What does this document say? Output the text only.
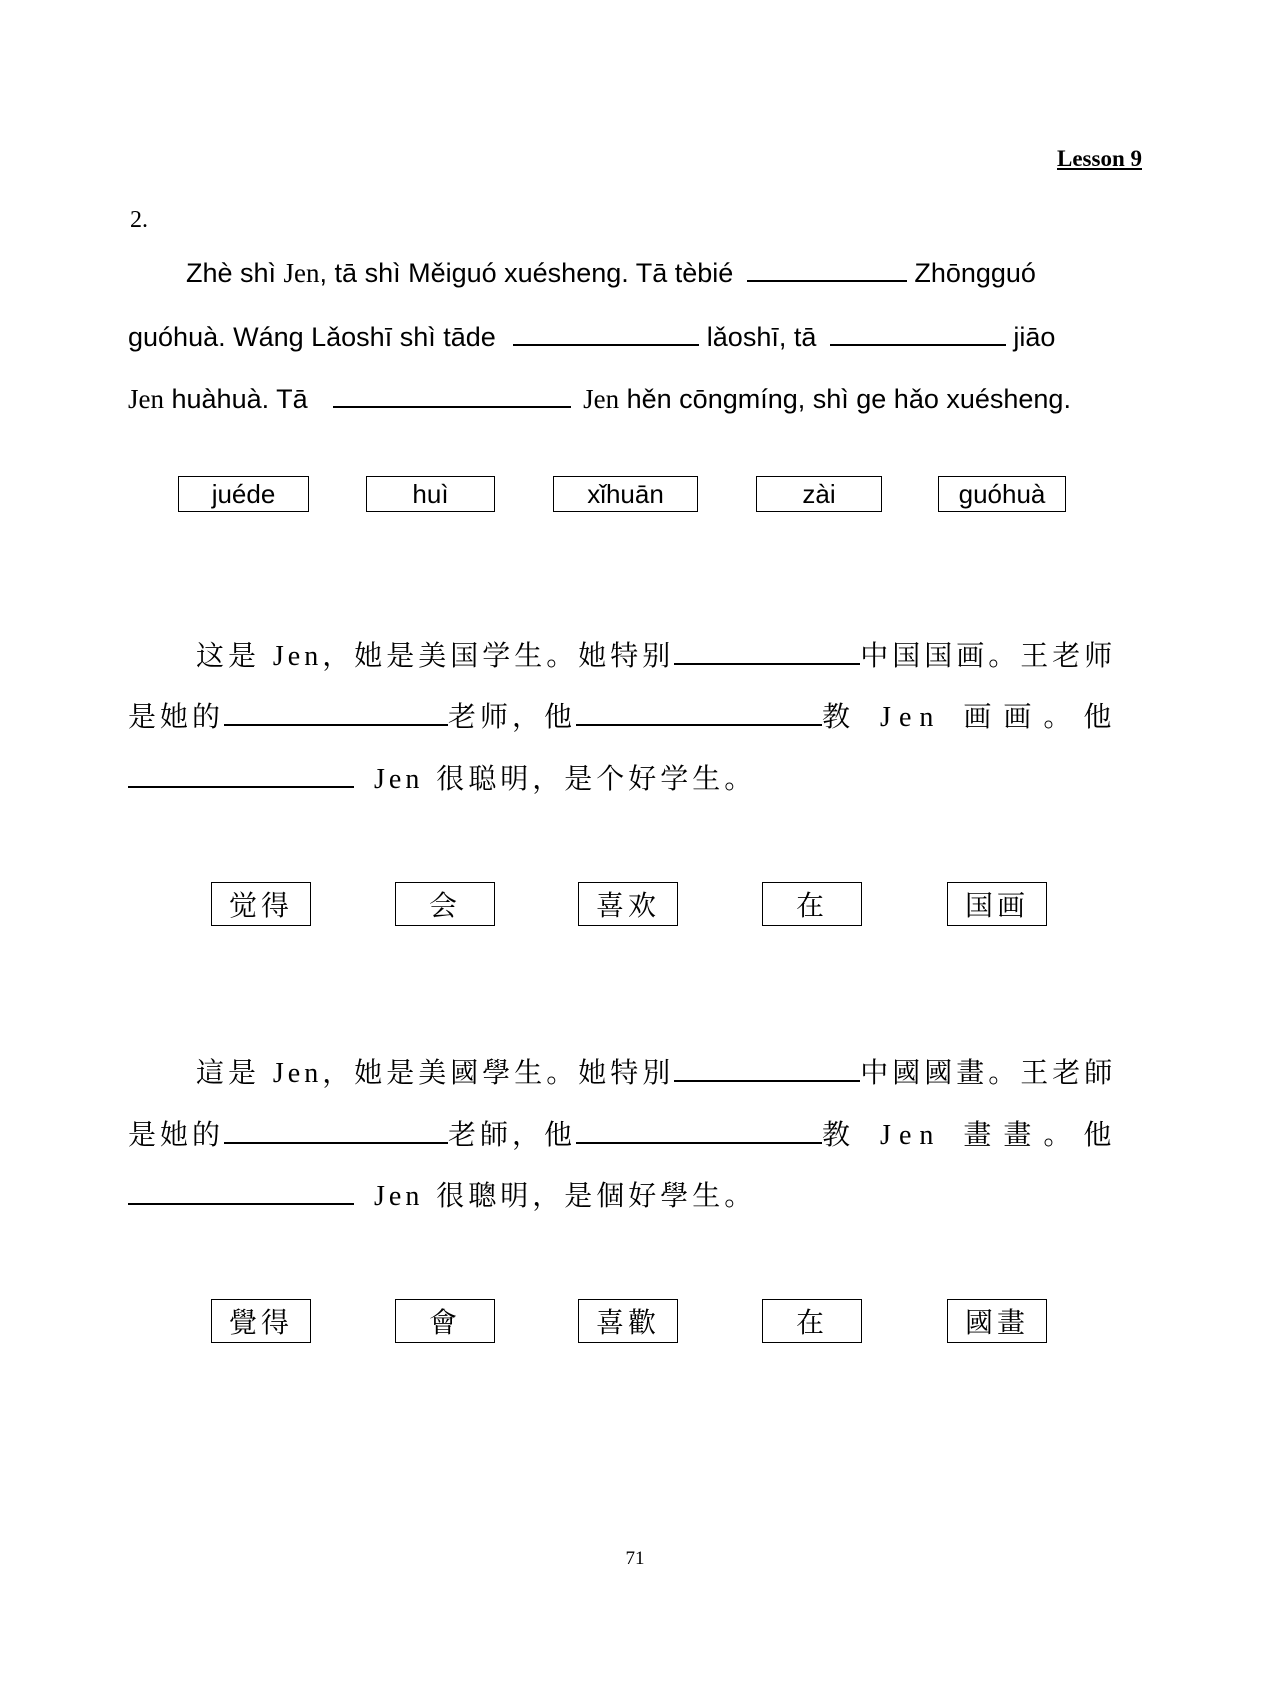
Lesson 9
2.
Zhè shì Jen, tā shì Měiguó xuésheng. Tā tèbié	Zhōngguó
guóhuà. Wáng Lǎoshī shì tāde	lǎoshī, tā	jiāo
Jen huàhuà. Tā	Jen hěn cōngmíng, shì ge hǎo xuésheng.
juéde	huì	xǐhuān	zài	guóhuà
这是 Jen，她是美国学生。她特别	中国国画。王老师
是她的	老师，他	教 Jen 画画。他
Jen 很聪明，是个好学生。
觉得	会	喜欢	在	国画
這是 Jen，她是美國學生。她特別	中國國畫。王老師
是她的	老師，他	教 Jen 畫畫。他
Jen 很聰明，是個好學生。
覺得	會	喜歡	在	國畫
71
